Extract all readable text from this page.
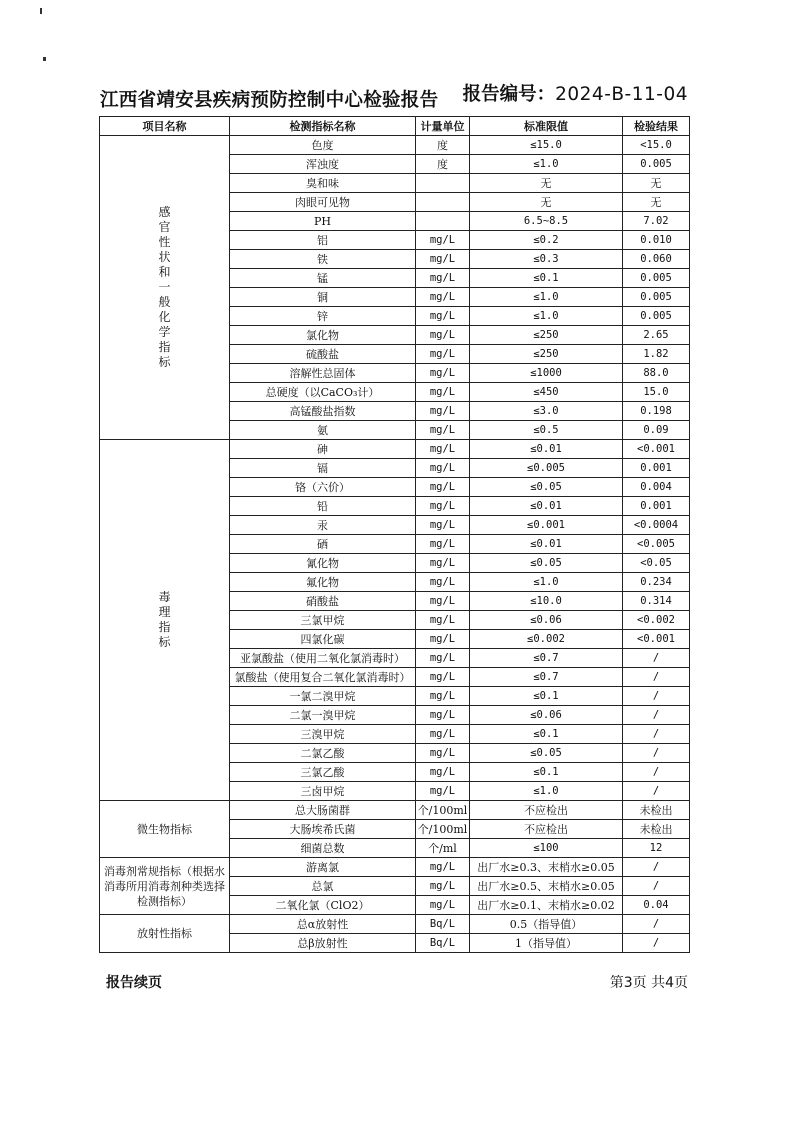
江西省靖安县疾病预防控制中心检验报告 报告编号：2024-B-11-04
项目名称	检测指标名称	计量单位	标准限值	检验结果

感官性状和一般化学指标	色度	度	≤15.0	<15.0
	浑浊度	度	≤1.0	0.005
	臭和味		无	无
	肉眼可见物		无	无
	PH		6.5~8.5	7.02
	铝	mg/L	≤0.2	0.010
	铁	mg/L	≤0.3	0.060
	锰	mg/L	≤0.1	0.005
	铜	mg/L	≤1.0	0.005
	锌	mg/L	≤1.0	0.005
	氯化物	mg/L	≤250	2.65
	硫酸盐	mg/L	≤250	1.82
	溶解性总固体	mg/L	≤1000	88.0
	总硬度（以CaCO₃计）	mg/L	≤450	15.0
	高锰酸盐指数	mg/L	≤3.0	0.198
	氨	mg/L	≤0.5	0.09

毒理指标	砷	mg/L	≤0.01	<0.001
	镉	mg/L	≤0.005	0.001
	铬（六价）	mg/L	≤0.05	0.004
	铅	mg/L	≤0.01	0.001
	汞	mg/L	≤0.001	<0.0004
	硒	mg/L	≤0.01	<0.005
	氰化物	mg/L	≤0.05	<0.05
	氟化物	mg/L	≤1.0	0.234
	硝酸盐	mg/L	≤10.0	0.314
	三氯甲烷	mg/L	≤0.06	<0.002
	四氯化碳	mg/L	≤0.002	<0.001
	亚氯酸盐（使用二氧化氯消毒时）	mg/L	≤0.7	/
	氯酸盐（使用复合二氧化氯消毒时）	mg/L	≤0.7	/
	一氯二溴甲烷	mg/L	≤0.1	/
	二氯一溴甲烷	mg/L	≤0.06	/
	三溴甲烷	mg/L	≤0.1	/
	二氯乙酸	mg/L	≤0.05	/
	三氯乙酸	mg/L	≤0.1	/
	三卤甲烷	mg/L	≤1.0	/
微生物指标	总大肠菌群	个/100ml	不应检出	未检出
	大肠埃希氏菌	个/100ml	不应检出	未检出
	细菌总数	个/ml	≤100	12
消毒剂常规指标（根据水消毒所用消毒剂种类选择检测指标）	游离氯	mg/L	出厂水≥0.3、末梢水≥0.05	/
	总氯	mg/L	出厂水≥0.5、末梢水≥0.05	/
	二氧化氯（ClO2）	mg/L	出厂水≥0.1、末梢水≥0.02	0.04
放射性指标	总α放射性	Bq/L	0.5（指导值）	/
	总β放射性	Bq/L	1（指导值）	/
报告续页	第3页 共4页
